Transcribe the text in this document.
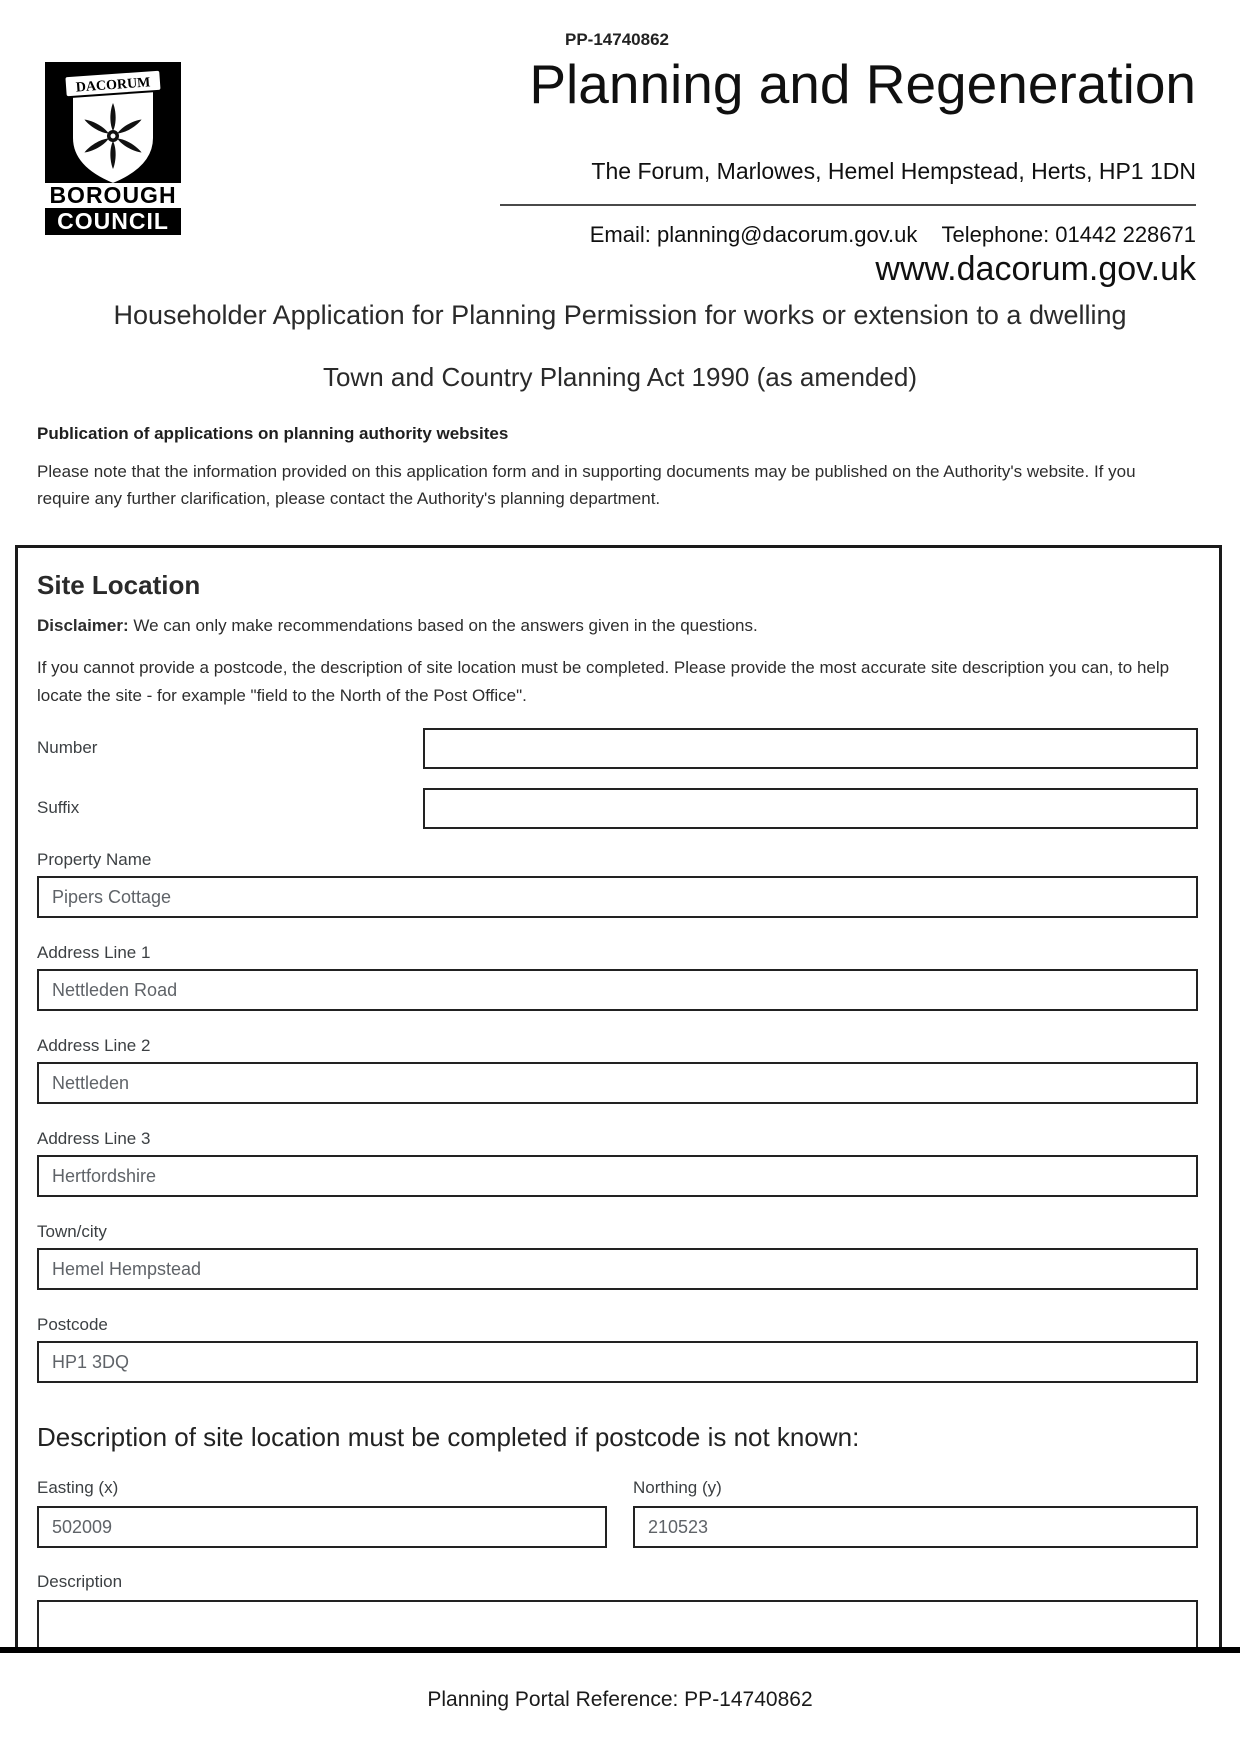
DACORUM
BOROUGH
COUNCIL
PP-14740862
Planning and Regeneration
The Forum, Marlowes, Hemel Hempstead, Herts, HP1 1DN
Email: planning@dacorum.gov.uk Telephone: 01442 228671
www.dacorum.gov.uk
Householder Application for Planning Permission for works or extension to a dwelling
Town and Country Planning Act 1990 (as amended)
Publication of applications on planning authority websites
Please note that the information provided on this application form and in supporting documents may be published on the Authority's website. If you require any further clarification, please contact the Authority's planning department.
Site Location
Disclaimer: We can only make recommendations based on the answers given in the questions.
If you cannot provide a postcode, the description of site location must be completed. Please provide the most accurate site description you can, to help locate the site - for example "field to the North of the Post Office".
Number
Suffix
Property Name
Pipers Cottage
Address Line 1
Nettleden Road
Address Line 2
Nettleden
Address Line 3
Hertfordshire
Town/city
Hemel Hempstead
Postcode
HP1 3DQ
Description of site location must be completed if postcode is not known:
Easting (x)	Northing (y)
502009
210523
Description
Planning Portal Reference: PP-14740862
